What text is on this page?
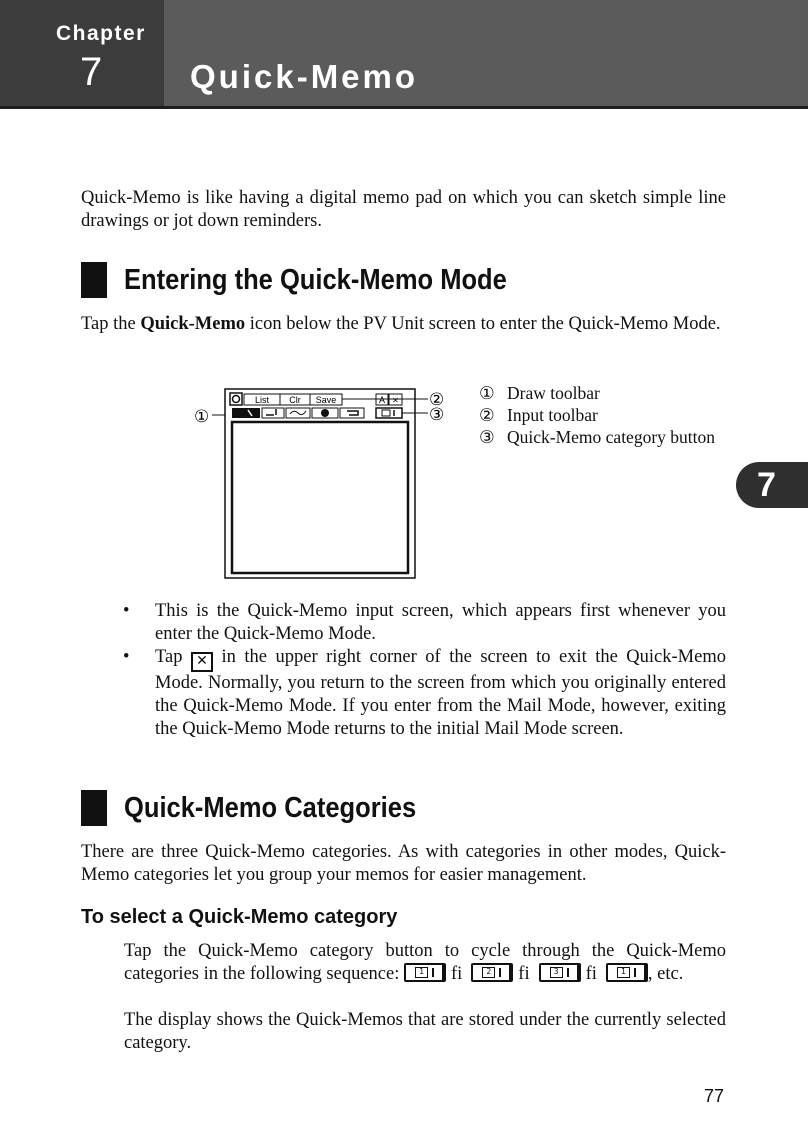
Chapter
7	Quick-Memo

Quick-Memo is like having a digital memo pad on which you can sketch simple line drawings or jot down reminders.

Entering the Quick-Memo Mode

Tap the Quick-Memo icon below the PV Unit screen to enter the Quick-Memo Mode.

①
List Clr Save	A ✕ ②
③
① Draw toolbar
② Input toolbar
③ Quick-Memo category button
7
• This is the Quick-Memo input screen, which appears first whenever you enter the Quick-Memo Mode.
• Tap ✕ in the upper right corner of the screen to exit the Quick-Memo Mode. Normally, you return to the screen from which you originally entered the Quick-Memo Mode. If you enter from the Mail Mode, however, exiting the Quick-Memo Mode returns to the initial Mail Mode screen.
Quick-Memo Categories

There are three Quick-Memo categories. As with categories in other modes, Quick-Memo categories let you group your memos for easier management.

To select a Quick-Memo category

Tap the Quick-Memo category button to cycle through the Quick-Memo categories in the following sequence:	1 fi	2 fi	3 fi	1 , etc.

The display shows the Quick-Memos that are stored under the currently selected category.

77
